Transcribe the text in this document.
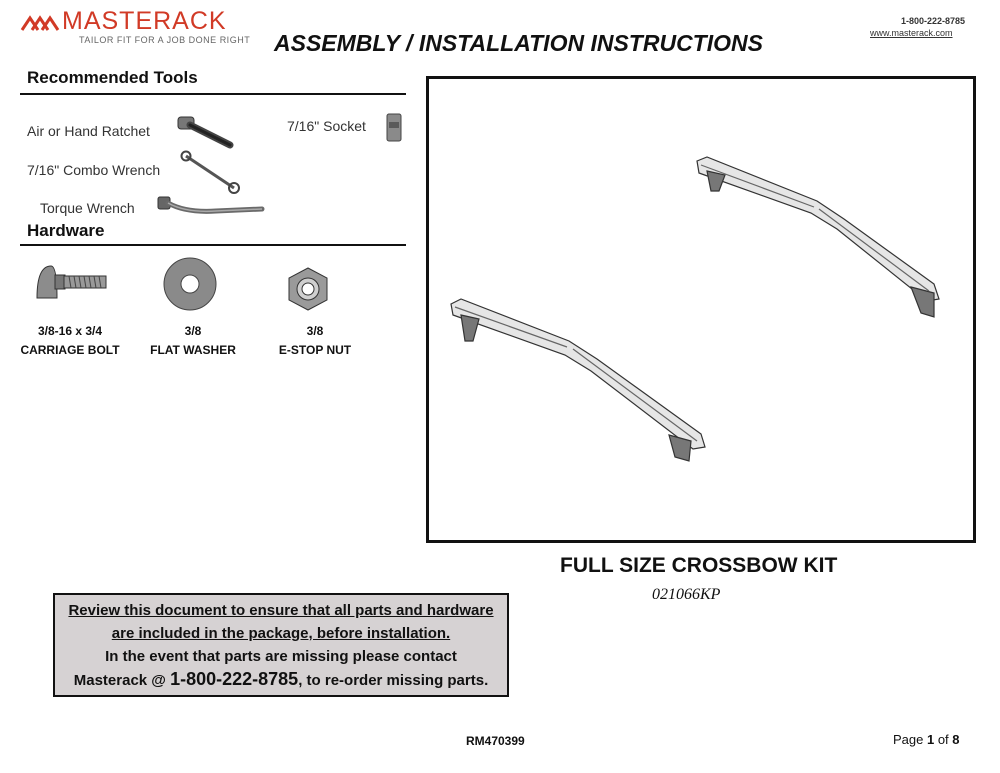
MASTERACK
TAILOR FIT FOR A JOB DONE RIGHT ASSEMBLY / INSTALLATION INSTRUCTIONS
1-800-222-8785
www.masterack.com
Recommended Tools
Air or Hand Ratchet	7/16" Socket
7/16" Combo Wrench
Torque Wrench
Hardware
3/8-16 x 3/4
CARRIAGE BOLT
3/8
FLAT WASHER
3/8
E-STOP NUT
FULL SIZE CROSSBOW KIT
021066KP
Review this document to ensure that all parts and hardware
are included in the package, before installation.
In the event that parts are missing please contact
Masterack @ 1-800-222-8785, to re-order missing parts.
RM470399	Page 1 of 8
